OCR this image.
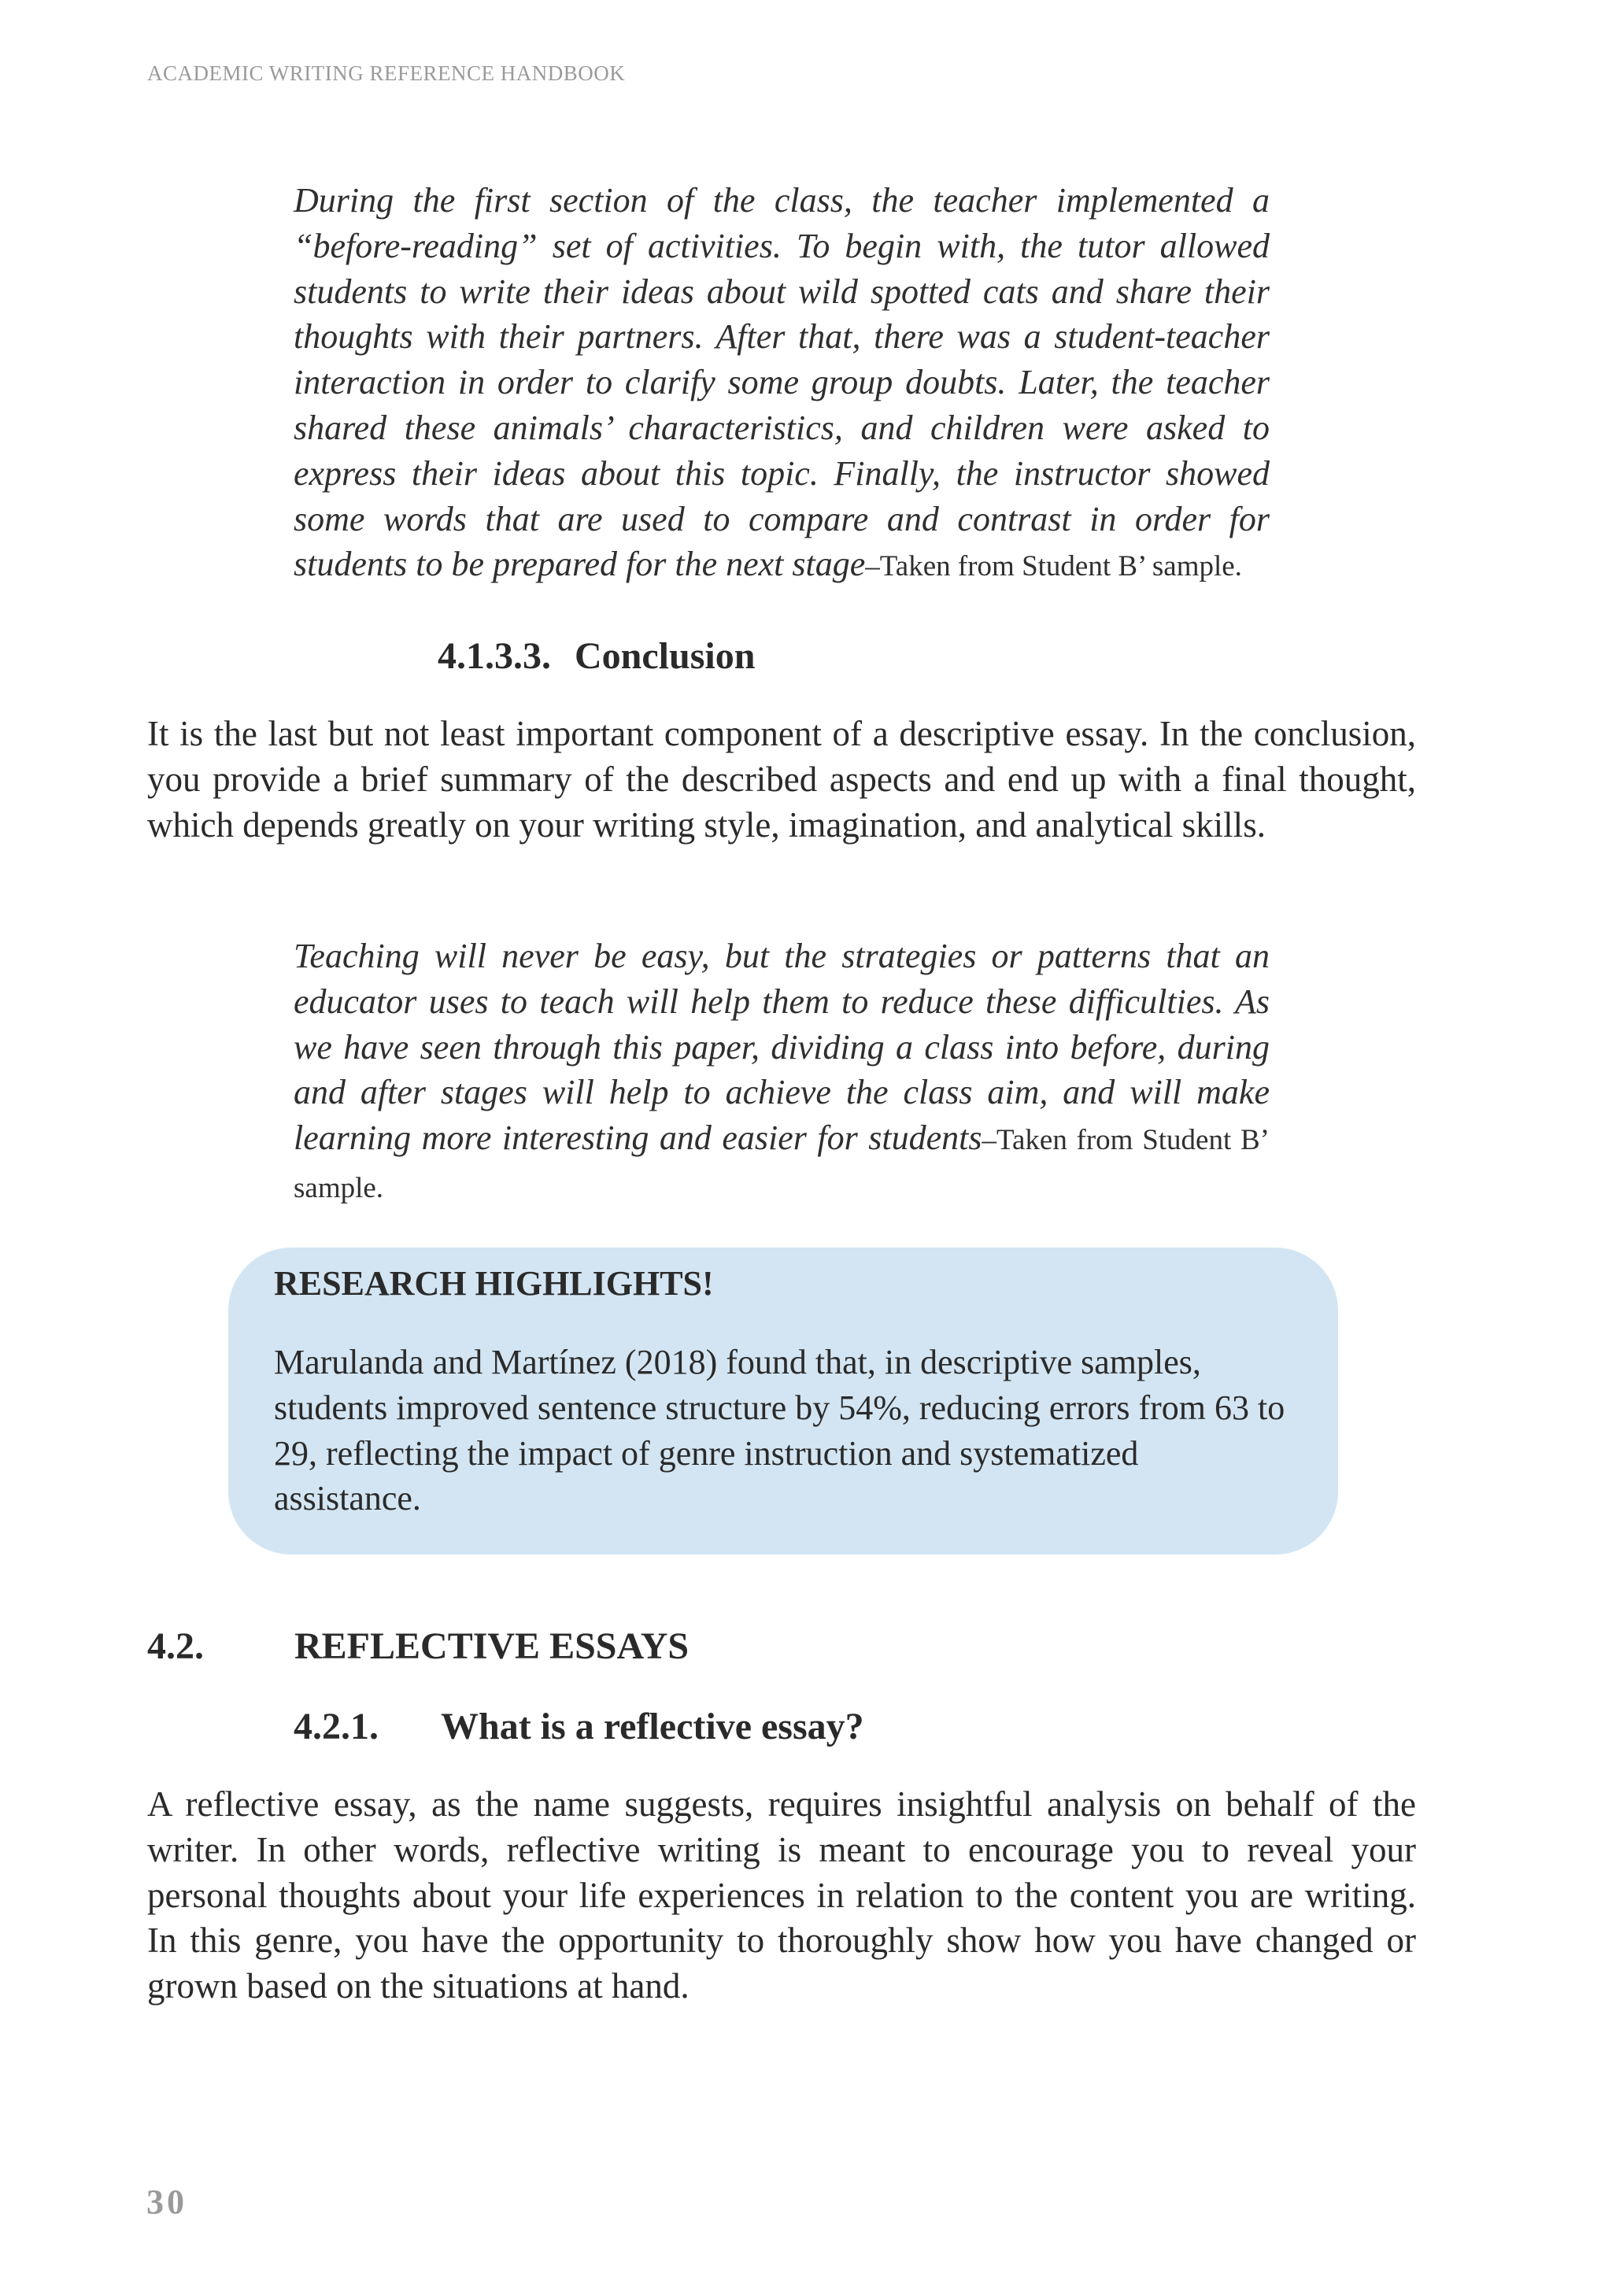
ACADEMIC WRITING REFERENCE HANDBOOK
During the first section of the class, the teacher implemented a “before-reading” set of activities. To begin with, the tutor allowed students to write their ideas about wild spotted cats and share their thoughts with their partners. After that, there was a student-teacher interaction in order to clarify some group doubts. Later, the teacher shared these animals’ characteristics, and children were asked to express their ideas about this topic. Finally, the instructor showed some words that are used to compare and contrast in order for students to be prepared for the next stage–Taken from Student B’ sample.
4.1.3.3. Conclusion
It is the last but not least important component of a descriptive essay. In the conclusion, you provide a brief summary of the described aspects and end up with a final thought, which depends greatly on your writing style, imagination, and analytical skills.
Teaching will never be easy, but the strategies or patterns that an educator uses to teach will help them to reduce these difficulties. As we have seen through this paper, dividing a class into before, during and after stages will help to achieve the class aim, and will make learning more interesting and easier for students–Taken from Student B’ sample.
RESEARCH HIGHLIGHTS!
Marulanda and Martínez (2018) found that, in descriptive samples, students improved sentence structure by 54%, reducing errors from 63 to 29, reflecting the impact of genre instruction and systematized assistance.
4.2. REFLECTIVE ESSAYS
4.2.1. What is a reflective essay?
A reflective essay, as the name suggests, requires insightful analysis on behalf of the writer. In other words, reflective writing is meant to encourage you to reveal your personal thoughts about your life experiences in relation to the content you are writing. In this genre, you have the opportunity to thoroughly show how you have changed or grown based on the situations at hand.
30
